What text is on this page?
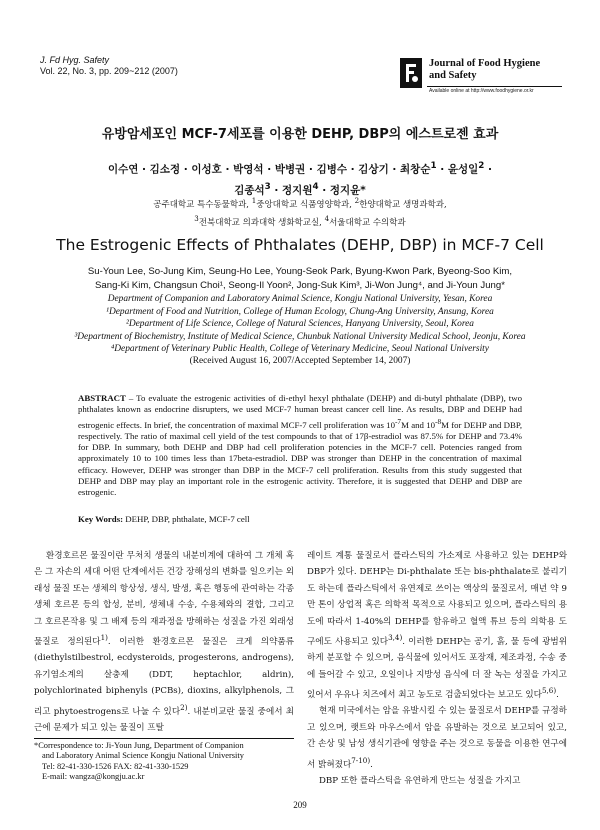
J. Fd Hyg. Safety
Vol. 22, No. 3, pp. 209~212 (2007)
Journal of Food Hygiene
and Safety
Available online at http://www.foodhygiene.or.kr
유방암세포인 MCF-7세포를 이용한 DEHP, DBP의 에스트로젠 효과
이수연 · 김소정 · 이성호 · 박영석 · 박병권 · 김병수 · 김상기 · 최창순$^1$ · 윤성일$^2$ ·
김종석$^3$ · 정지원$^4$ · 정지윤*
공주대학교 특수동물학과, $^1$중앙대학교 식품영양학과, $^2$한양대학교 생명과학과,
$^3$전북대학교 의과대학 생화학교실, $^4$서울대학교 수의학과
The Estrogenic Effects of Phthalates (DEHP, DBP) in MCF-7 Cell
Su-Youn Lee, So-Jung Kim, Seung-Ho Lee, Young-Seok Park, Byung-Kwon Park, Byeong-Soo Kim,
Sang-Ki Kim, Changsun Choi¹, Seong-Il Yoon², Jong-Suk Kim³, Ji-Won Jung⁴, and Ji-Youn Jung*
Department of Companion and Laboratory Animal Science, Kongju National University, Yesan, Korea
¹Department of Food and Nutrition, College of Human Ecology, Chung-Ang University, Ansung, Korea
²Department of Life Science, College of Natural Sciences, Hanyang University, Seoul, Korea
³Department of Biochemistry, Institute of Medical Science, Chunbuk National University Medical School, Jeonju, Korea
⁴Department of Veterinary Public Health, College of Veterinary Medicine, Seoul National University
(Received August 16, 2007/Accepted September 14, 2007)
ABSTRACT – To evaluate the estrogenic activities of di-ethyl hexyl phthalate (DEHP) and di-butyl phthalate (DBP), two phthalates known as endocrine disrupters, we used MCF-7 human breast cancer cell line. As results, DBP and DEHP had estrogenic effects. In brief, the concentration of maximal MCF-7 cell proliferation was $10^{-7}M$ and $10^{-8}M$ for DEHP and DBP, respectively. The ratio of maximal cell yield of the test compounds to that of 17β-estradiol was 87.5% for DEHP and 73.4% for DBP. In summary, both DEHP and DBP had cell proliferation potencies in the MCF-7 cell. Potencies ranged from approximately 10 to 100 times less than 17beta-estradiol. DBP was stronger than DEHP in the concentration of maximal efficacy. However, DEHP was stronger than DBP in the MCF-7 cell proliferation. Results from this study suggested that DEHP and DBP may play an important role in the estrogenic activity. Therefore, it is suggested that DEHP and DBP are estrogenic.
Key Words: DEHP, DBP, phthalate, MCF-7 cell

환경호르몬 물질이란 무처치 생물의 내분비계에 대하여 그 개체 혹은 그 자손의 세대 어떤 단계에서든 건강 장해성의 변화를 일으키는 외래성 물질 또는 생체의 항상성, 생식, 발생, 혹은 행동에 관여하는 각종 생체 호르몬 등의 합성, 분비, 생체내 수송, 수용체와의 결합, 그리고 그 호르몬작용 및 그 배제 등의 재과정을 방해하는 성질을 가진 외래성 물질로 정의된다$^{1)}$. 이러한 환경호르몬 물질은 크게 의약품류 (diethylstilbestrol, ecdysteroids, progesterons, androgens), 유기염소계의 살충제 (DDT, heptachlor, aldrin), polychlorinated biphenyls (PCBs), dioxins, alkylphenols, 그리고 phytoestrogens로 나눌 수 있다$^{2)}$. 내분비교란 물질 중에서 최근에 문제가 되고 있는 물질이 프탈

레이트 계통 물질로서 플라스틱의 가소제로 사용하고 있는 DEHP와 DBP가 있다. DEHP는 Di-phthalate 또는 bis-phthalate로 불리기도 하는데 플라스틱에서 유연제로 쓰이는 액상의 물질로서, 매년 약 9만 톤이 상업적 혹은 의학적 목적으로 사용되고 있으며, 플라스틱의 용도에 따라서 1-40%의 DEHP를 함유하고 혈액 튜브 등의 의학용 도구에도 사용되고 있다$^{3,4)}$. 이러한 DEHP는 공기, 흙, 물 등에 광범위하게 분포할 수 있으며, 음식물에 있어서도 포장재, 제조과정, 수송 중에 들어갈 수 있고, 오일이나 지방성 음식에 더 잘 녹는 성질을 가지고 있어서 우유나 치즈에서 최고 농도로 검출되었다는 보고도 있다$^{5,6)}$.

현재 미국에서는 암을 유발시킬 수 있는 물질로서 DEHP를 규정하고 있으며, 랫트와 마우스에서 암을 유발하는 것으로 보고되어 있고, 간 손상 및 남성 생식기관에 영향을 주는 것으로 동물을 이용한 연구에서 밝혀졌다$^{7-10)}$.

DBP 또한 플라스틱을 유연하게 만드는 성질을 가지고

*Correspondence to: Ji-Youn Jung, Department of Companion
and Laboratory Animal Science Kongju National University
Tel: 82-41-330-1526 FAX: 82-41-330-1529
E-mail: wangza@kongju.ac.kr
209
